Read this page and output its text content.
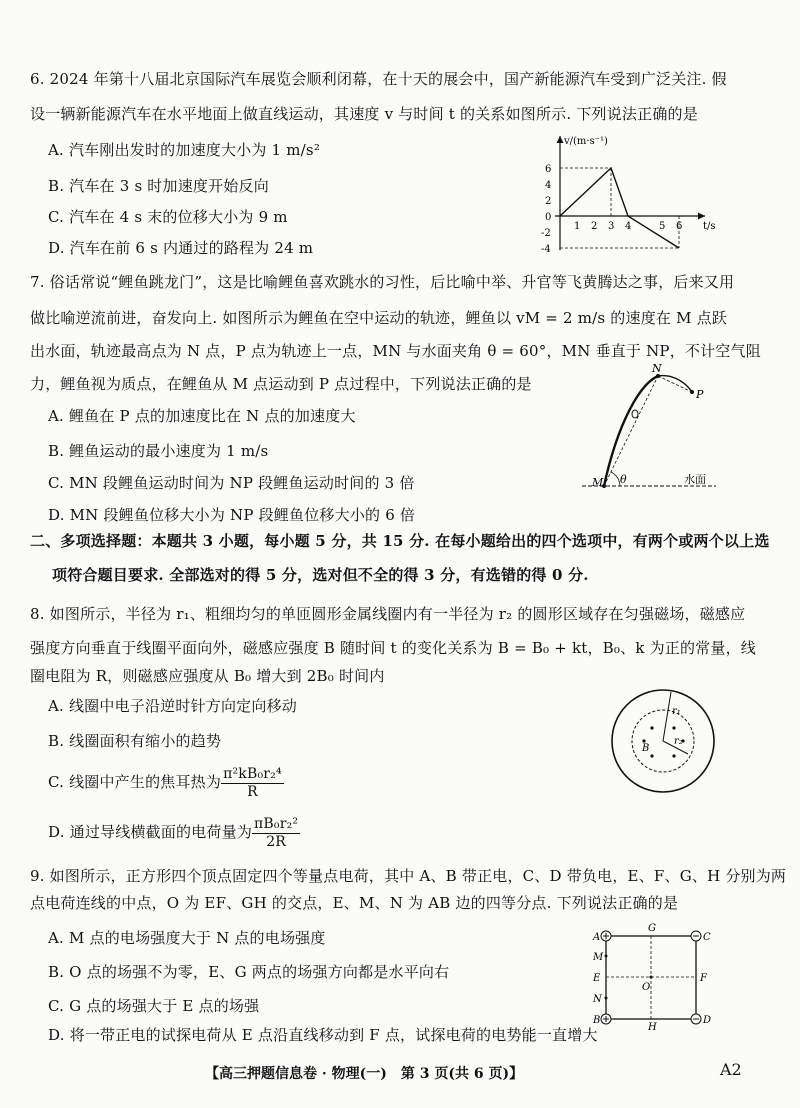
6. 2024 年第十八届北京国际汽车展览会顺利闭幕，在十天的展会中，国产新能源汽车受到广泛关注. 假
设一辆新能源汽车在水平地面上做直线运动，其速度 v 与时间 t 的关系如图所示. 下列说法正确的是
A. 汽车刚出发时的加速度大小为 1 m/s²
B. 汽车在 3 s 时加速度开始反向
C. 汽车在 4 s 末的位移大小为 9 m
D. 汽车在前 6 s 内通过的路程为 24 m
v/(m·s⁻¹)
t/s
6
4
2
0
-2
-4
1 2 3 4	5 6
7. 俗话常说“鲤鱼跳龙门”，这是比喻鲤鱼喜欢跳水的习性，后比喻中举、升官等飞黄腾达之事，后来又用
做比喻逆流前进，奋发向上. 如图所示为鲤鱼在空中运动的轨迹，鲤鱼以 vM = 2 m/s 的速度在 M 点跃
出水面，轨迹最高点为 N 点，P 点为轨迹上一点，MN 与水面夹角 θ = 60°，MN 垂直于 NP，不计空气阻
力，鲤鱼视为质点，在鲤鱼从 M 点运动到 P 点过程中，下列说法正确的是
A. 鲤鱼在 P 点的加速度比在 N 点的加速度大
B. 鲤鱼运动的最小速度为 1 m/s
C. MN 段鲤鱼运动时间为 NP 段鲤鱼运动时间的 3 倍
D. MN 段鲤鱼位移大小为 NP 段鲤鱼位移大小的 6 倍
N
P
M θ	水面
二、多项选择题：本题共 3 小题，每小题 5 分，共 15 分. 在每小题给出的四个选项中，有两个或两个以上选
项符合题目要求. 全部选对的得 5 分，选对但不全的得 3 分，有选错的得 0 分.
8. 如图所示，半径为 r₁、粗细均匀的单匝圆形金属线圈内有一半径为 r₂ 的圆形区域存在匀强磁场，磁感应
强度方向垂直于线圈平面向外，磁感应强度 B 随时间 t 的变化关系为 B = B₀ + kt，B₀、k 为正的常量，线
圈电阻为 R，则磁感应强度从 B₀ 增大到 2B₀ 时间内
A. 线圈中电子沿逆时针方向定向移动
B. 线圈面积有缩小的趋势
C. 线圈中产生的焦耳热为 $\frac{\text{π²kB₀r₂⁴}}{R}$
D. 通过导线横截面的电荷量为 $\frac{\text{πB₀r₂²}}{2R}$
r₁
r₂
B
9. 如图所示，正方形四个顶点固定四个等量点电荷，其中 A、B 带正电，C、D 带负电，E、F、G、H 分别为两
点电荷连线的中点，O 为 EF、GH 的交点，E、M、N 为 AB 边的四等分点. 下列说法正确的是
A. M 点的电场强度大于 N 点的电场强度
B. O 点的场强不为零，E、G 两点的场强方向都是水平向右
C. G 点的场强大于 E 点的场强
D. 将一带正电的试探电荷从 E 点沿直线移动到 F 点，试探电荷的电势能一直增大
A
G
C
M
E	F
O
N
B
H
D
【高三押题信息卷 · 物理(一)　第 3 页(共 6 页)】	A2
